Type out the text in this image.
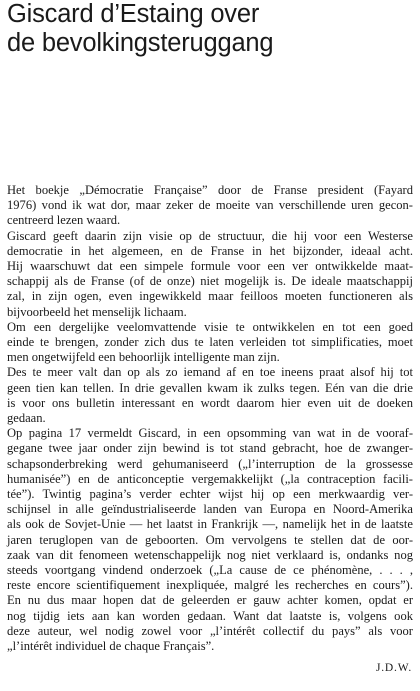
Giscard d’Estaing over
de bevolkingsteruggang

Het boekje „Démocratie Française” door de Franse president (Fayard
1976) vond ik wat dor, maar zeker de moeite van verschillende uren gecon-
centreerd lezen waard.

Giscard geeft daarin zijn visie op de structuur, die hij voor een Westerse
democratie in het algemeen, en de Franse in het bijzonder, ideaal acht.
Hij waarschuwt dat een simpele formule voor een ver ontwikkelde maat-
schappij als de Franse (of de onze) niet mogelijk is. De ideale maatschappij
zal, in zijn ogen, even ingewikkeld maar feilloos moeten functioneren als
bijvoorbeeld het menselijk lichaam.

Om een dergelijke veelomvattende visie te ontwikkelen en tot een goed
einde te brengen, zonder zich dus te laten verleiden tot simplificaties, moet
men ongetwijfeld een behoorlijk intelligente man zijn.

Des te meer valt dan op als zo iemand af en toe ineens praat alsof hij tot
geen tien kan tellen. In drie gevallen kwam ik zulks tegen. Eén van die drie
is voor ons bulletin interessant en wordt daarom hier even uit de doeken
gedaan.

Op pagina 17 vermeldt Giscard, in een opsomming van wat in de vooraf-
gegane twee jaar onder zijn bewind is tot stand gebracht, hoe de zwanger-
schapsonderbreking werd gehumaniseerd („l’interruption de la grossesse
humanisée”) en de anticonceptie vergemakkelijkt („la contraception facili-
tée”). Twintig pagina’s verder echter wijst hij op een merkwaardig ver-
schijnsel in alle geïndustrialiseerde landen van Europa en Noord-Amerika
als ook de Sovjet-Unie — het laatst in Frankrijk —, namelijk het in de laatste
jaren teruglopen van de geboorten. Om vervolgens te stellen dat de oor-
zaak van dit fenomeen wetenschappelijk nog niet verklaard is, ondanks nog
steeds voortgang vindend onderzoek („La cause de ce phénomène, . . . ,
reste encore scientifiquement inexpliquée, malgré les recherches en cours”).
En nu dus maar hopen dat de geleerden er gauw achter komen, opdat er
nog tijdig iets aan kan worden gedaan. Want dat laatste is, volgens ook
deze auteur, wel nodig zowel voor „l’intérêt collectif du pays” als voor
„l’intérêt individuel de chaque Français”.

J.D.W.
